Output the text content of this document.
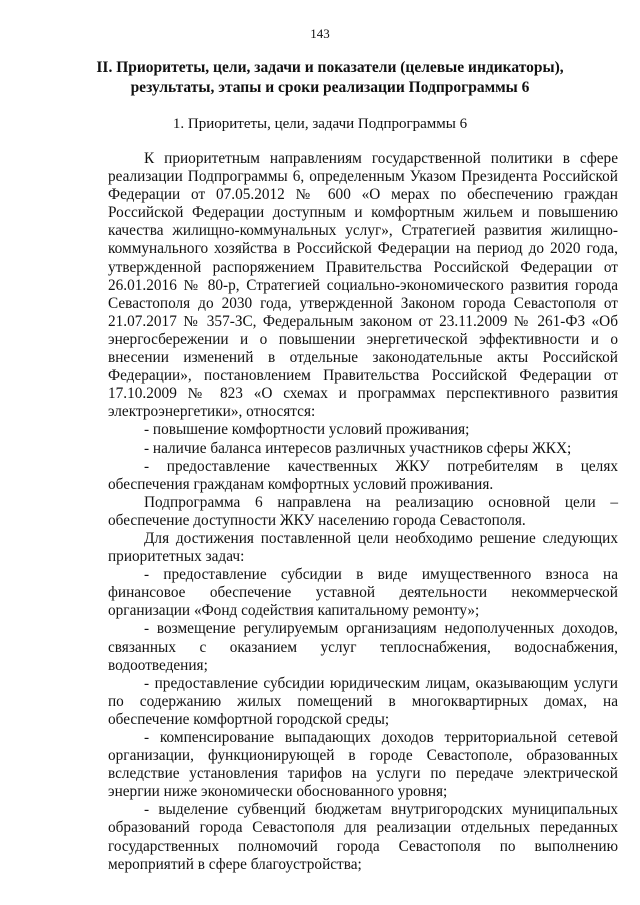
143
II. Приоритеты, цели, задачи и показатели (целевые индикаторы), результаты, этапы и сроки реализации Подпрограммы 6
1. Приоритеты, цели, задачи Подпрограммы 6

К приоритетным направлениям государственной политики в сфере реализации Подпрограммы 6, определенным Указом Президента Российской Федерации от 07.05.2012 № 600 «О мерах по обеспечению граждан Российской Федерации доступным и комфортным жильем и повышению качества жилищно-коммунальных услуг», Стратегией развития жилищно-коммунального хозяйства в Российской Федерации на период до 2020 года, утвержденной распоряжением Правительства Российской Федерации от 26.01.2016 № 80-р, Стратегией социально-экономического развития города Севастополя до 2030 года, утвержденной Законом города Севастополя от 21.07.2017 № 357-ЗС, Федеральным законом от 23.11.2009 № 261-ФЗ «Об энергосбережении и о повышении энергетической эффективности и о внесении изменений в отдельные законодательные акты Российской Федерации», постановлением Правительства Российской Федерации от 17.10.2009 № 823 «О схемах и программах перспективного развития электроэнергетики», относятся:

- повышение комфортности условий проживания;

- наличие баланса интересов различных участников сферы ЖКХ;

- предоставление качественных ЖКУ потребителям в целях обеспечения гражданам комфортных условий проживания.

Подпрограмма 6 направлена на реализацию основной цели – обеспечение доступности ЖКУ населению города Севастополя.

Для достижения поставленной цели необходимо решение следующих приоритетных задач:

- предоставление субсидии в виде имущественного взноса на финансовое обеспечение уставной деятельности некоммерческой организации «Фонд содействия капитальному ремонту»;

- возмещение регулируемым организациям недополученных доходов, связанных с оказанием услуг теплоснабжения, водоснабжения, водоотведения;

- предоставление субсидии юридическим лицам, оказывающим услуги по содержанию жилых помещений в многоквартирных домах, на обеспечение комфортной городской среды;

- компенсирование выпадающих доходов территориальной сетевой организации, функционирующей в городе Севастополе, образованных вследствие установления тарифов на услуги по передаче электрической энергии ниже экономически обоснованного уровня;

- выделение субвенций бюджетам внутригородских муниципальных образований города Севастополя для реализации отдельных переданных государственных полномочий города Севастополя по выполнению мероприятий в сфере благоустройства;
